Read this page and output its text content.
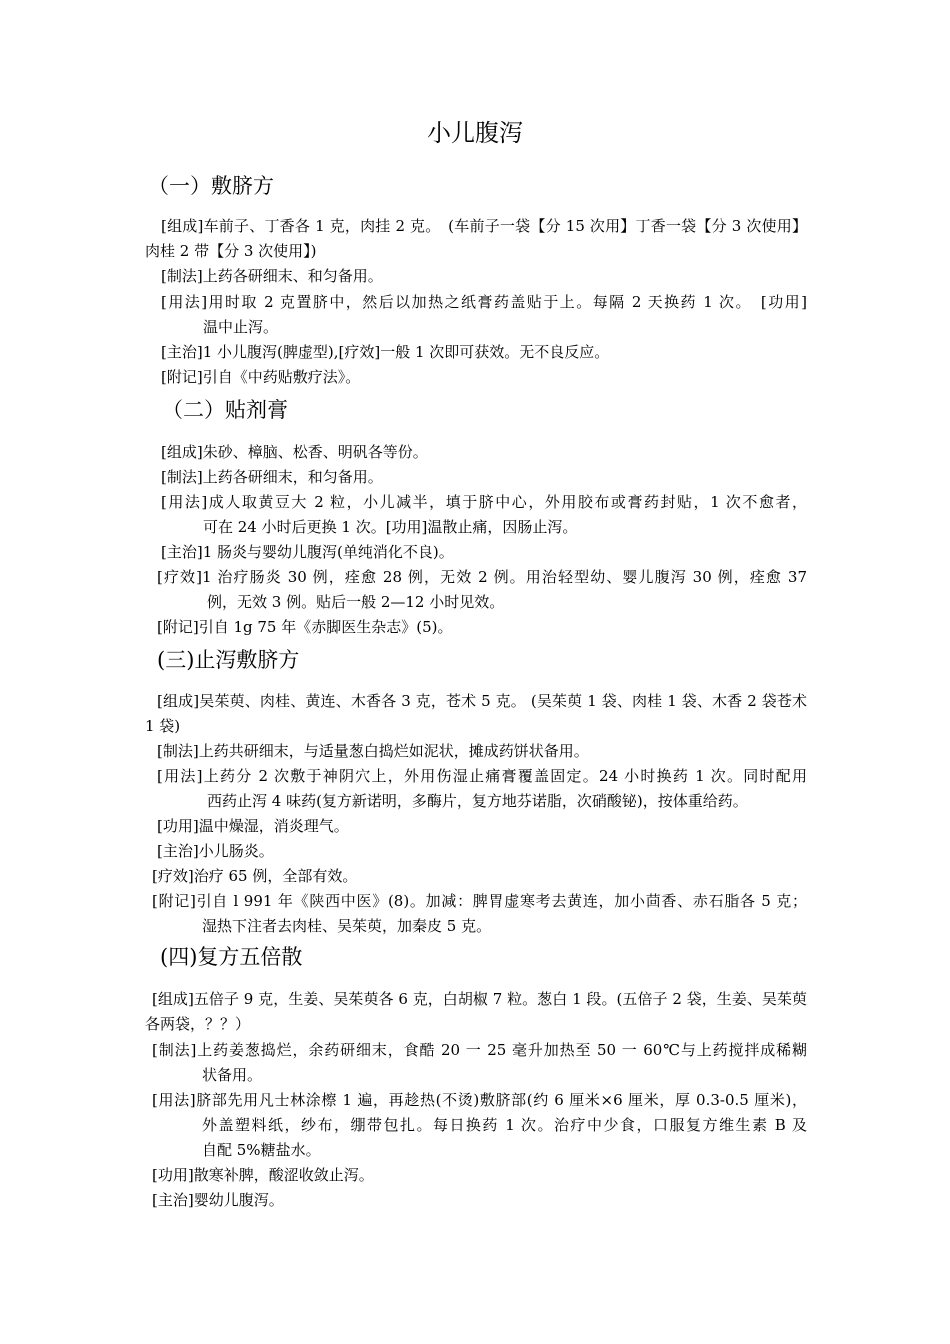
小儿腹泻
（一）敷脐方
[组成]车前子、丁香各 1 克，肉挂 2 克。　(车前子一袋【分 15 次用】丁香一袋【分 3 次使用】肉桂 2 带【分 3 次使用】)
[制法]上药各研细末、和匀备用。
[用法]用时取 2 克置脐中，然后以加热之纸膏药盖贴于上。每隔 2 天换药 1 次。　[功用]
温中止泻。
[主治]1 小儿腹泻(脾虚型),[疗效]一般 1 次即可获效。无不良反应。
[附记]引自《中药贴敷疗法》。
（二）贴剂膏
[组成]朱砂、樟脑、松香、明矾各等份。
[制法]上药各研细末，和匀备用。
[用法]成人取黄豆大 2 粒，小儿减半，填于脐中心，外用胶布或膏药封贴，1 次不愈者，
可在 24 小时后更换 1 次。[功用]温散止痛，因肠止泻。
[主治]1 肠炎与婴幼儿腹泻(单纯消化不良)。
[疗效]1 治疗肠炎 30 例，痊愈 28 例，无效 2 例。用治轻型幼、婴儿腹泻 30 例，痊愈 37
例，无效 3 例。贴后一般 2—12 小时见效。
[附记]引自 1g 75 年《赤脚医生杂志》(5)。
(三)止泻敷脐方
[组成]吴茱萸、肉桂、黄连、木香各 3 克，苍术 5 克。 (吴茱萸 1 袋、肉桂 1 袋、木香 2 袋苍术 1 袋)
[制法]上药共研细末，与适量葱白捣烂如泥状，摊成药饼状备用。
[用法]上药分 2 次敷于神阴穴上，外用伤湿止痛膏覆盖固定。24 小时换药 1 次。同时配用
西药止泻 4 味药(复方新诺明，多酶片，复方地芬诺脂，次硝酸铋)，按体重给药。
[功用]温中燥湿，消炎理气。
[主治]小儿肠炎。
[疗效]治疗 65 例，全部有效。
[附记]引自 l 991 年《陕西中医》(8)。加减：脾胃虚寒考去黄连，加小茴香、赤石脂各 5 克；
湿热下注者去肉桂、吴茱萸，加秦皮 5 克。
(四)复方五倍散
[组成]五倍子 9 克，生姜、吴茱萸各 6 克，白胡椒 7 粒。葱白 1 段。(五倍子 2 袋，生姜、吴茱萸各两袋，？？）
[制法]上药姜葱捣烂，余药研细末，食酷 20 一 25 毫升加热至 50 一 60℃与上药搅拌成稀糊
状备用。
[用法]脐部先用凡士林涂檫 1 遍，再趁热(不烫)敷脐部(约 6 厘米×6 厘米，厚 0.3-0.5 厘米)，
外盖塑料纸，纱布，绷带包扎。每日换药 1 次。治疗中少食，口服复方维生素 B 及
自配 5%糖盐水。
[功用]散寒补脾，酸涩收敛止泻。
[主治]婴幼儿腹泻。
